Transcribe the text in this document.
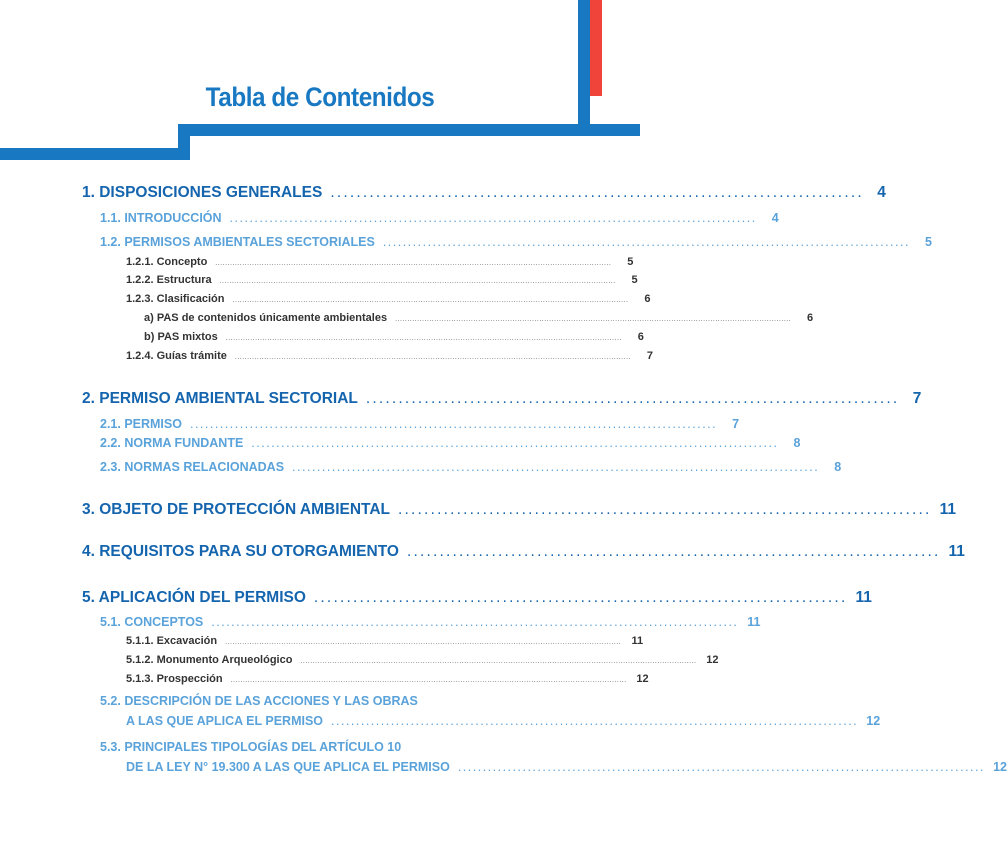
Tabla de Contenidos
1. DISPOSICIONES GENERALES .................................................................................. 4
1.1. INTRODUCCIÓN ..........................................................................................................	4
1.2. PERMISOS AMBIENTALES SECTORIALES ..........................................................................................................	5
1.2.1. Concepto ..................................................................................................................................................................	5
1.2.2. Estructura ..................................................................................................................................................................	5
1.2.3. Clasificación ..................................................................................................................................................................	6
a) PAS de contenidos únicamente ambientales ..................................................................................................................................................................	6
b) PAS mixtos ..................................................................................................................................................................	6
1.2.4. Guías trámite ..................................................................................................................................................................	7
2. PERMISO AMBIENTAL SECTORIAL .................................................................................. 7
2.1. PERMISO ..........................................................................................................	7
2.2. NORMA FUNDANTE ..........................................................................................................	8
2.3. NORMAS RELACIONADAS ..........................................................................................................	8
3. OBJETO DE PROTECCIÓN AMBIENTAL .................................................................................. 11
4. REQUISITOS PARA SU OTORGAMIENTO .................................................................................. 11
5. APLICACIÓN DEL PERMISO .................................................................................. 11
5.1. CONCEPTOS .......................................................................................................... 11
5.1.1. Excavación .................................................................................................................................................................. 11
5.1.2. Monumento Arqueológico .................................................................................................................................................................. 12
5.1.3. Prospección .................................................................................................................................................................. 12
5.2. DESCRIPCIÓN DE LAS ACCIONES Y LAS OBRAS
A LAS QUE APLICA EL PERMISO .......................................................................................................... 12
5.3. PRINCIPALES TIPOLOGÍAS DEL ARTÍCULO 10
DE LA LEY N° 19.300 A LAS QUE APLICA EL PERMISO .......................................................................................................... 12
